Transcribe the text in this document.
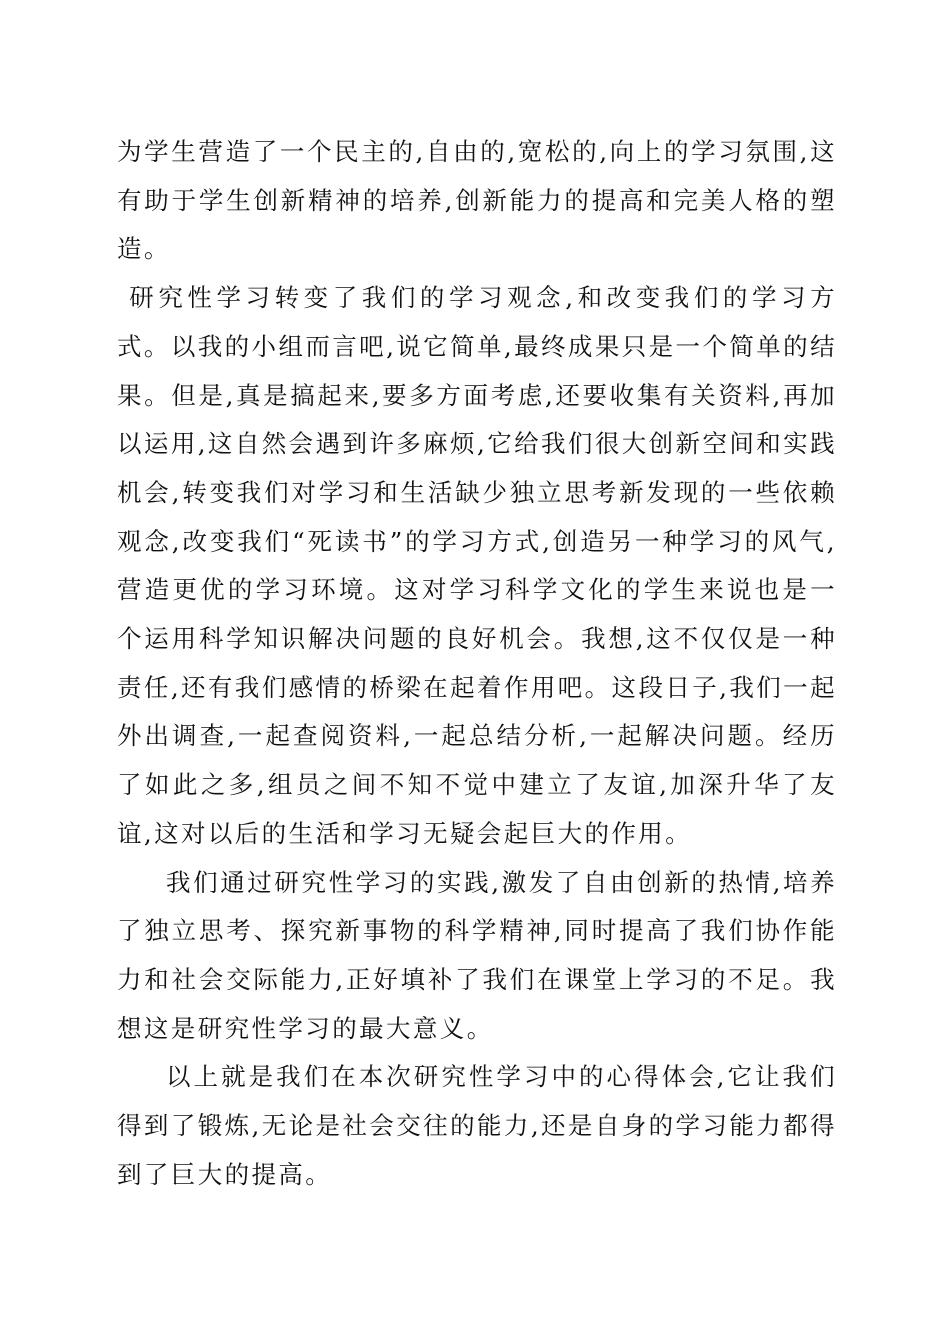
为学生营造了一个民主的,自由的,宽松的,向上的学习氛围,这有助于学生创新精神的培养,创新能力的提高和完美人格的塑造。

研究性学习转变了我们的学习观念,和改变我们的学习方式。以我的小组而言吧,说它简单,最终成果只是一个简单的结果。但是,真是搞起来,要多方面考虑,还要收集有关资料,再加以运用,这自然会遇到许多麻烦,它给我们很大创新空间和实践机会,转变我们对学习和生活缺少独立思考新发现的一些依赖观念,改变我们“死读书”的学习方式,创造另一种学习的风气,营造更优的学习环境。这对学习科学文化的学生来说也是一个运用科学知识解决问题的良好机会。我想,这不仅仅是一种责任,还有我们感情的桥梁在起着作用吧。这段日子,我们一起外出调查,一起查阅资料,一起总结分析,一起解决问题。经历了如此之多,组员之间不知不觉中建立了友谊,加深升华了友谊,这对以后的生活和学习无疑会起巨大的作用。

我们通过研究性学习的实践,激发了自由创新的热情,培养了独立思考、探究新事物的科学精神,同时提高了我们协作能力和社会交际能力,正好填补了我们在课堂上学习的不足。我想这是研究性学习的最大意义。

以上就是我们在本次研究性学习中的心得体会,它让我们得到了锻炼,无论是社会交往的能力,还是自身的学习能力都得到了巨大的提高。
